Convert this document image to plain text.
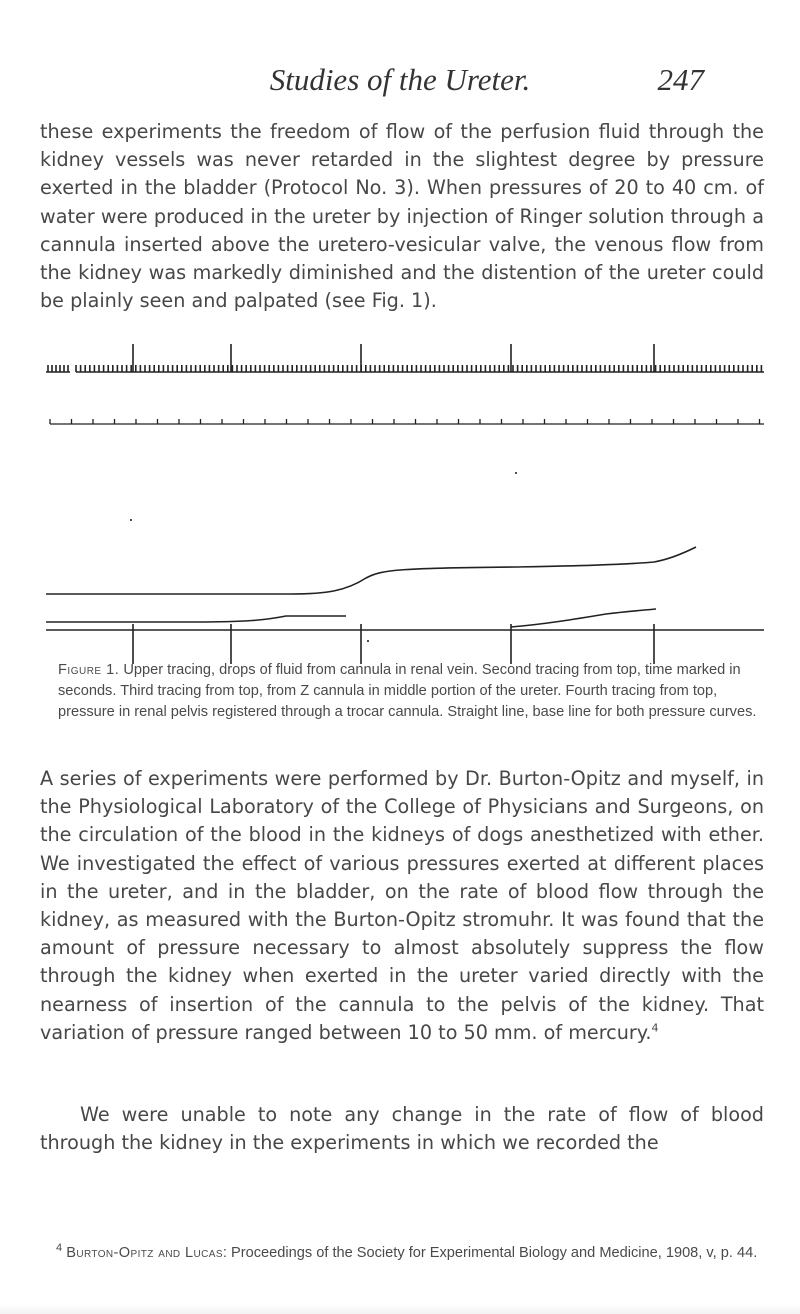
Studies of the Ureter.	247

these experiments the freedom of flow of the perfusion fluid through the kidney vessels was never retarded in the slightest degree by pressure exerted in the bladder (Protocol No. 3). When pressures of 20 to 40 cm. of water were produced in the ureter by injection of Ringer solution through a cannula inserted above the uretero-vesicular valve, the venous flow from the kidney was markedly diminished and the distention of the ureter could be plainly seen and palpated (see Fig. 1).

Figure 1. Upper tracing, drops of fluid from cannula in renal vein. Second tracing from top, time marked in seconds. Third tracing from top, from Z cannula in middle portion of the ureter. Fourth tracing from top, pressure in renal pelvis registered through a trocar cannula. Straight line, base line for both pressure curves.

A series of experiments were performed by Dr. Burton-Opitz and myself, in the Physiological Laboratory of the College of Physicians and Surgeons, on the circulation of the blood in the kidneys of dogs anesthetized with ether. We investigated the effect of various pressures exerted at different places in the ureter, and in the bladder, on the rate of blood flow through the kidney, as measured with the Burton-Opitz stromuhr. It was found that the amount of pressure necessary to almost absolutely suppress the flow through the kidney when exerted in the ureter varied directly with the nearness of insertion of the cannula to the pelvis of the kidney. That variation of pressure ranged between 10 to 50 mm. of mercury.$^4$

We were unable to note any change in the rate of flow of blood through the kidney in the experiments in which we recorded the

$^4$ Burton-Opitz and Lucas: Proceedings of the Society for Experimental Biology and Medicine, 1908, v, p. 44.
